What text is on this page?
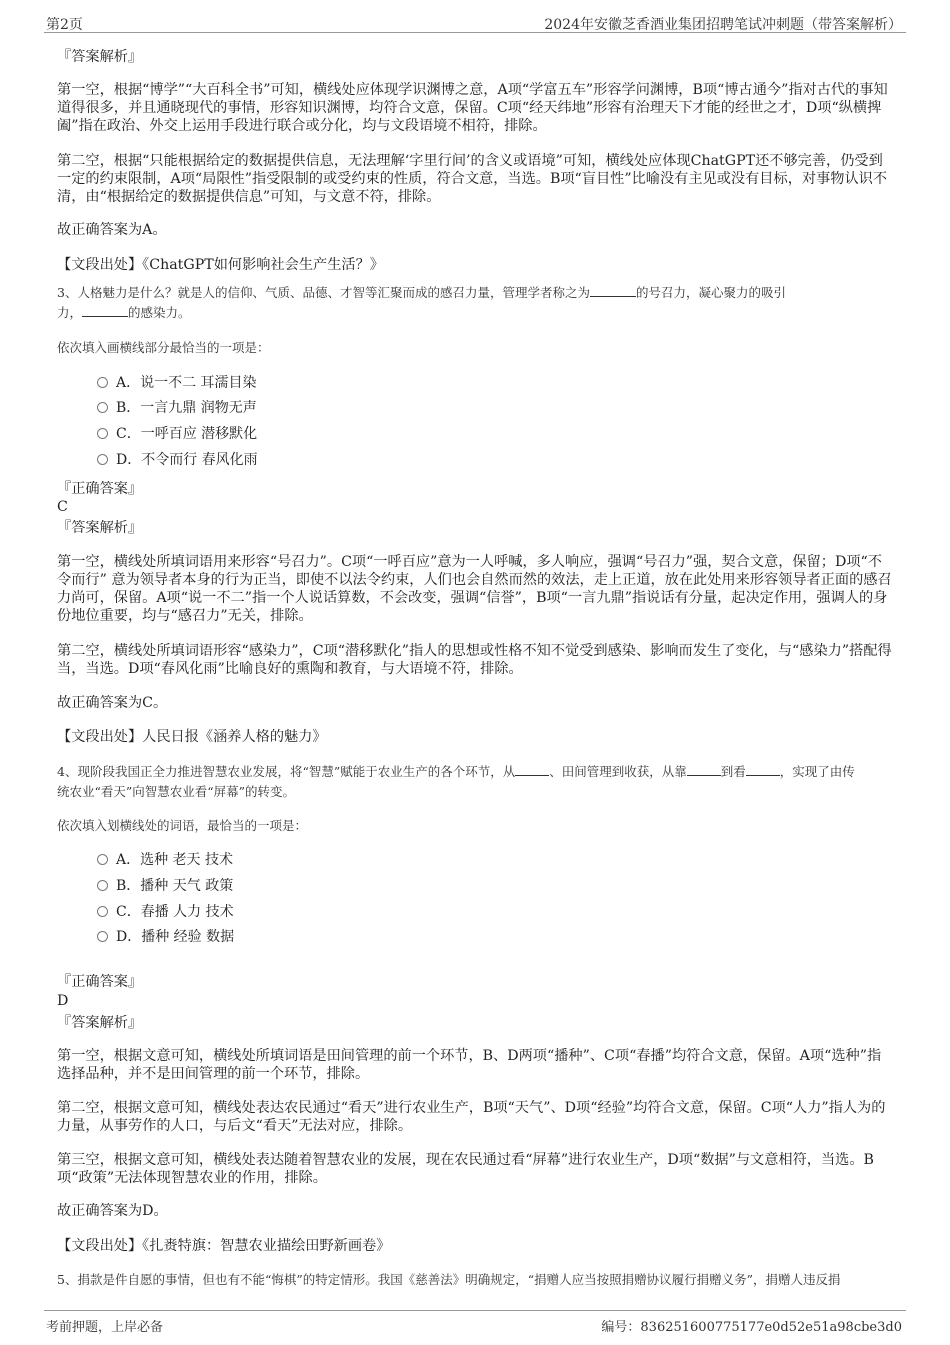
第2页	2024年安徽芝香酒业集团招聘笔试冲刺题（带答案解析）
『答案解析』
第一空，根据“博学”“大百科全书”可知，横线处应体现学识渊博之意，A项“学富五车”形容学问渊博，B项“博古通今”指对古代的事知道得很多，并且通晓现代的事情，形容知识渊博，均符合文意，保留。C项“经天纬地”形容有治理天下才能的经世之才，D项“纵横捭阖”指在政治、外交上运用手段进行联合或分化，均与文段语境不相符，排除。
第二空，根据“只能根据给定的数据提供信息，无法理解‘字里行间’的含义或语境”可知，横线处应体现ChatGPT还不够完善，仍受到一定的约束限制，A项“局限性”指受限制的或受约束的性质，符合文意，当选。B项“盲目性”比喻没有主见或没有目标，对事物认识不清，由“根据给定的数据提供信息”可知，与文意不符，排除。
故正确答案为A。
【文段出处】《ChatGPT如何影响社会生产生活？》
3、人格魅力是什么？就是人的信仰、气质、品德、才智等汇聚而成的感召力量，管理学者称之为	的号召力，凝心聚力的吸引
力，	的感染力。
依次填入画横线部分最恰当的一项是：
A．说一不二 耳濡目染
B．一言九鼎 润物无声
C．一呼百应 潜移默化
D．不令而行 春风化雨
『正确答案』
C
『答案解析』
第一空，横线处所填词语用来形容“号召力”。C项“一呼百应”意为一人呼喊，多人响应，强调“号召力”强，契合文意，保留；D项“不令而行” 意为领导者本身的行为正当，即使不以法令约束，人们也会自然而然的效法，走上正道，放在此处用来形容领导者正面的感召力尚可，保留。A项“说一不二”指一个人说话算数，不会改变，强调“信誉”，B项“一言九鼎”指说话有分量，起决定作用，强调人的身份地位重要，均与“感召力”无关，排除。
第二空，横线处所填词语形容“感染力”，C项“潜移默化”指人的思想或性格不知不觉受到感染、影响而发生了变化，与“感染力”搭配得当，当选。D项“春风化雨”比喻良好的熏陶和教育，与大语境不符，排除。
故正确答案为C。
【文段出处】人民日报《涵养人格的魅力》
4、现阶段我国正全力推进智慧农业发展，将“智慧”赋能于农业生产的各个环节，从	、田间管理到收获，从靠	到看	，实现了由传
统农业“看天”向智慧农业看“屏幕”的转变。
依次填入划横线处的词语，最恰当的一项是：
A．选种 老天 技术
B．播种 天气 政策
C．春播 人力 技术
D．播种 经验 数据
『正确答案』
D
『答案解析』
第一空，根据文意可知，横线处所填词语是田间管理的前一个环节，B、D两项“播种”、C项“春播”均符合文意，保留。A项“选种”指选择品种，并不是田间管理的前一个环节，排除。
第二空，根据文意可知，横线处表达农民通过“看天”进行农业生产，B项“天气”、D项“经验”均符合文意，保留。C项“人力”指人为的力量，从事劳作的人口，与后文“看天”无法对应，排除。
第三空，根据文意可知，横线处表达随着智慧农业的发展，现在农民通过看“屏幕”进行农业生产，D项“数据”与文意相符，当选。B项“政策”无法体现智慧农业的作用，排除。
故正确答案为D。
【文段出处】《扎赉特旗：智慧农业描绘田野新画卷》
5、捐款是件自愿的事情，但也有不能“悔棋”的特定情形。我国《慈善法》明确规定，“捐赠人应当按照捐赠协议履行捐赠义务”，捐赠人违反捐
考前押题，上岸必备	编号：836251600775177e0d52e51a98cbe3d0
